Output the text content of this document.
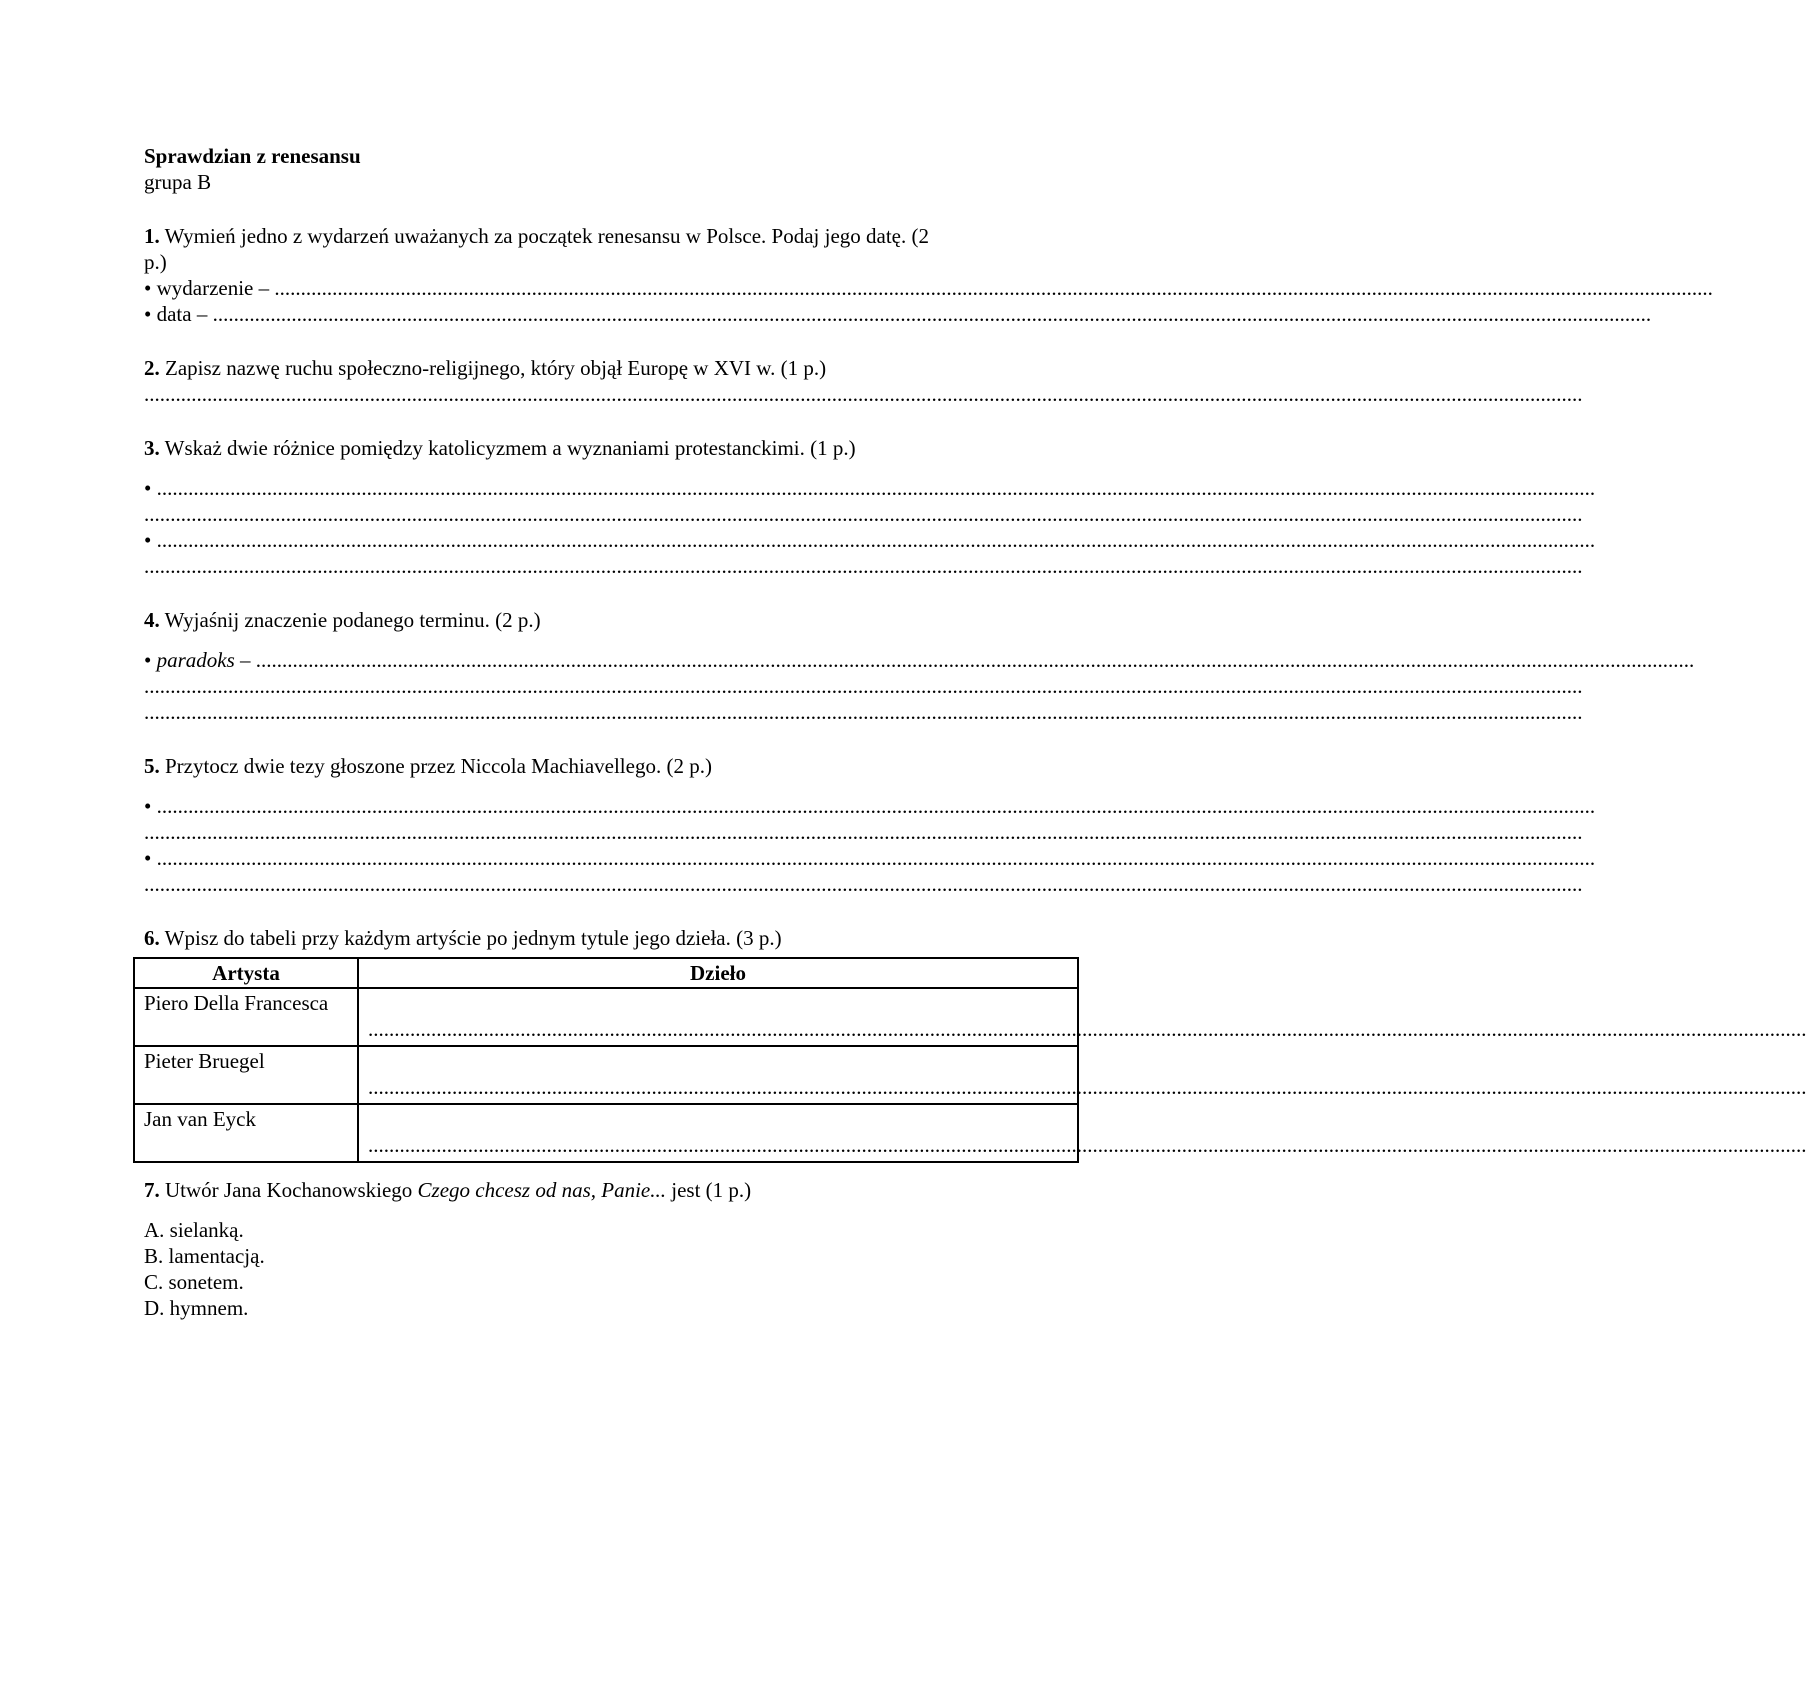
Sprawdzian z renesansu
grupa B
1. Wymień jedno z wydarzeń uważanych za początek renesansu w Polsce. Podaj jego datę. (2
p.)
• wydarzenie – ..................................................................................................................................................................................................................................................................................
• data – ..................................................................................................................................................................................................................................................................................
2. Zapisz nazwę ruchu społeczno-religijnego, który objął Europę w XVI w. (1 p.)
..................................................................................................................................................................................................................................................................................
3. Wskaż dwie różnice pomiędzy katolicyzmem a wyznaniami protestanckimi. (1 p.)
• ..................................................................................................................................................................................................................................................................................
..................................................................................................................................................................................................................................................................................
• ..................................................................................................................................................................................................................................................................................
..................................................................................................................................................................................................................................................................................
4. Wyjaśnij znaczenie podanego terminu. (2 p.)
• paradoks – ..................................................................................................................................................................................................................................................................................
..................................................................................................................................................................................................................................................................................
..................................................................................................................................................................................................................................................................................
5. Przytocz dwie tezy głoszone przez Niccola Machiavellego. (2 p.)
• ..................................................................................................................................................................................................................................................................................
..................................................................................................................................................................................................................................................................................
• ..................................................................................................................................................................................................................................................................................
..................................................................................................................................................................................................................................................................................
6. Wpisz do tabeli przy każdym artyście po jednym tytule jego dzieła. (3 p.)
Artysta	Dzieło
Piero Della Francesca	..................................................................................................................................................................................................................................................................................
Pieter Bruegel	..................................................................................................................................................................................................................................................................................
Jan van Eyck	..................................................................................................................................................................................................................................................................................
7. Utwór Jana Kochanowskiego Czego chcesz od nas, Panie... jest (1 p.)
A. sielanką.
B. lamentacją.
C. sonetem.
D. hymnem.
